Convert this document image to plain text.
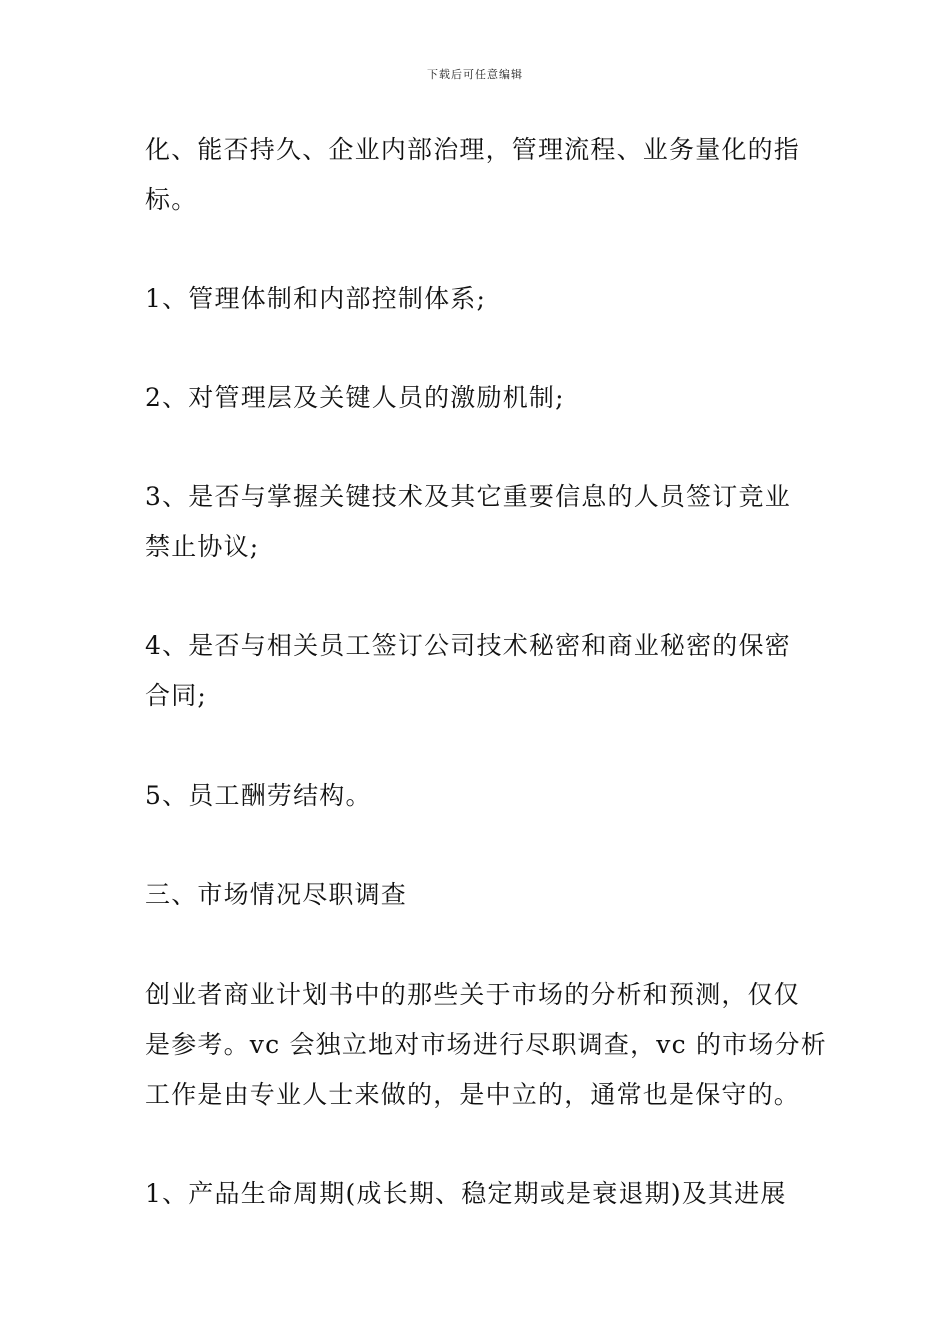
下载后可任意编辑
化、能否持久、企业内部治理，管理流程、业务量化的指
标。
1、管理体制和内部控制体系;
2、对管理层及关键人员的激励机制;
3、是否与掌握关键技术及其它重要信息的人员签订竞业
禁止协议;
4、是否与相关员工签订公司技术秘密和商业秘密的保密
合同;
5、员工酬劳结构。
三、市场情况尽职调查
创业者商业计划书中的那些关于市场的分析和预测，仅仅
是参考。vc 会独立地对市场进行尽职调查，vc 的市场分析
工作是由专业人士来做的，是中立的，通常也是保守的。
1、产品生命周期(成长期、稳定期或是衰退期)及其进展
